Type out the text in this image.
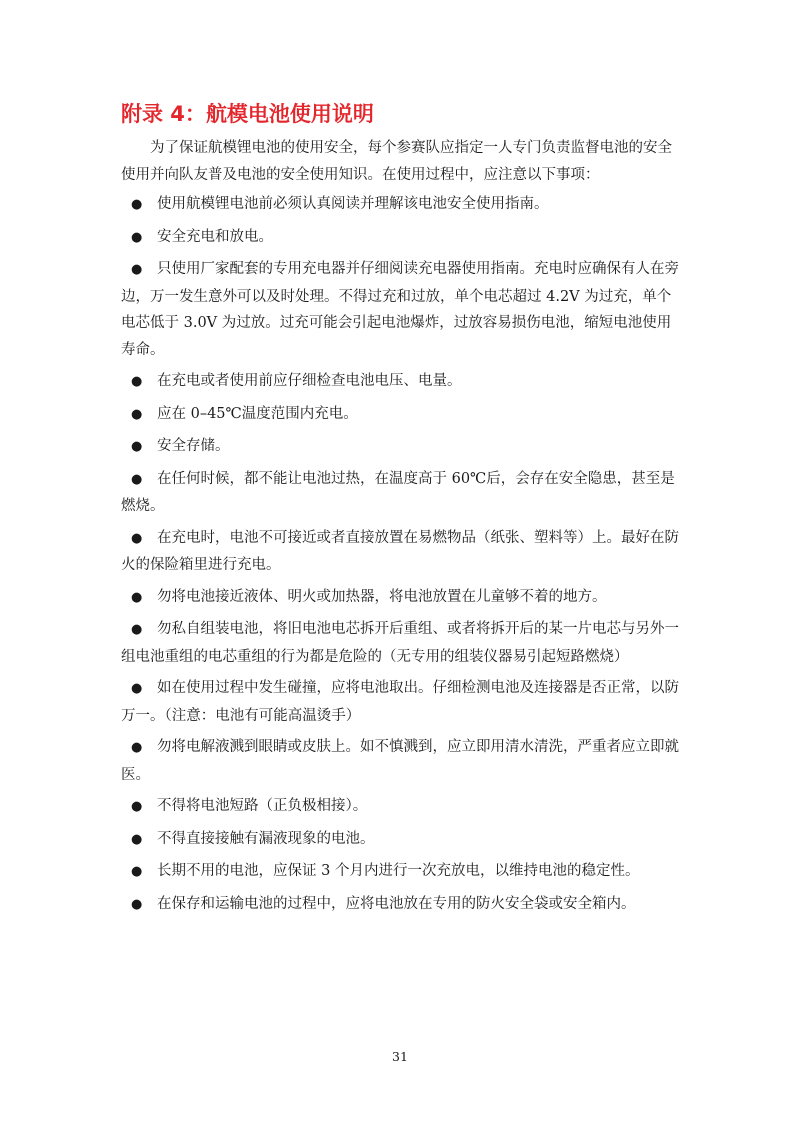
附录 4：航模电池使用说明

为了保证航模锂电池的使用安全，每个参赛队应指定一人专门负责监督电池的安全使用并向队友普及电池的安全使用知识。在使用过程中，应注意以下事项：

● 使用航模锂电池前必须认真阅读并理解该电池安全使用指南。
● 安全充电和放电。
● 只使用厂家配套的专用充电器并仔细阅读充电器使用指南。充电时应确保有人在旁边，万一发生意外可以及时处理。不得过充和过放，单个电芯超过 4.2V 为过充，单个电芯低于 3.0V 为过放。过充可能会引起电池爆炸，过放容易损伤电池，缩短电池使用寿命。
● 在充电或者使用前应仔细检查电池电压、电量。
● 应在 0–45℃温度范围内充电。
● 安全存储。
● 在任何时候，都不能让电池过热，在温度高于 60℃后，会存在安全隐患，甚至是燃烧。
● 在充电时，电池不可接近或者直接放置在易燃物品（纸张、塑料等）上。最好在防火的保险箱里进行充电。
● 勿将电池接近液体、明火或加热器，将电池放置在儿童够不着的地方。
● 勿私自组装电池，将旧电池电芯拆开后重组、或者将拆开后的某一片电芯与另外一组电池重组的电芯重组的行为都是危险的（无专用的组装仪器易引起短路燃烧）
● 如在使用过程中发生碰撞，应将电池取出。仔细检测电池及连接器是否正常，以防万一。（注意：电池有可能高温烫手）
● 勿将电解液溅到眼睛或皮肤上。如不慎溅到，应立即用清水清洗，严重者应立即就医。
● 不得将电池短路（正负极相接）。
● 不得直接接触有漏液现象的电池。
● 长期不用的电池，应保证 3 个月内进行一次充放电，以维持电池的稳定性。
● 在保存和运输电池的过程中，应将电池放在专用的防火安全袋或安全箱内。
31
